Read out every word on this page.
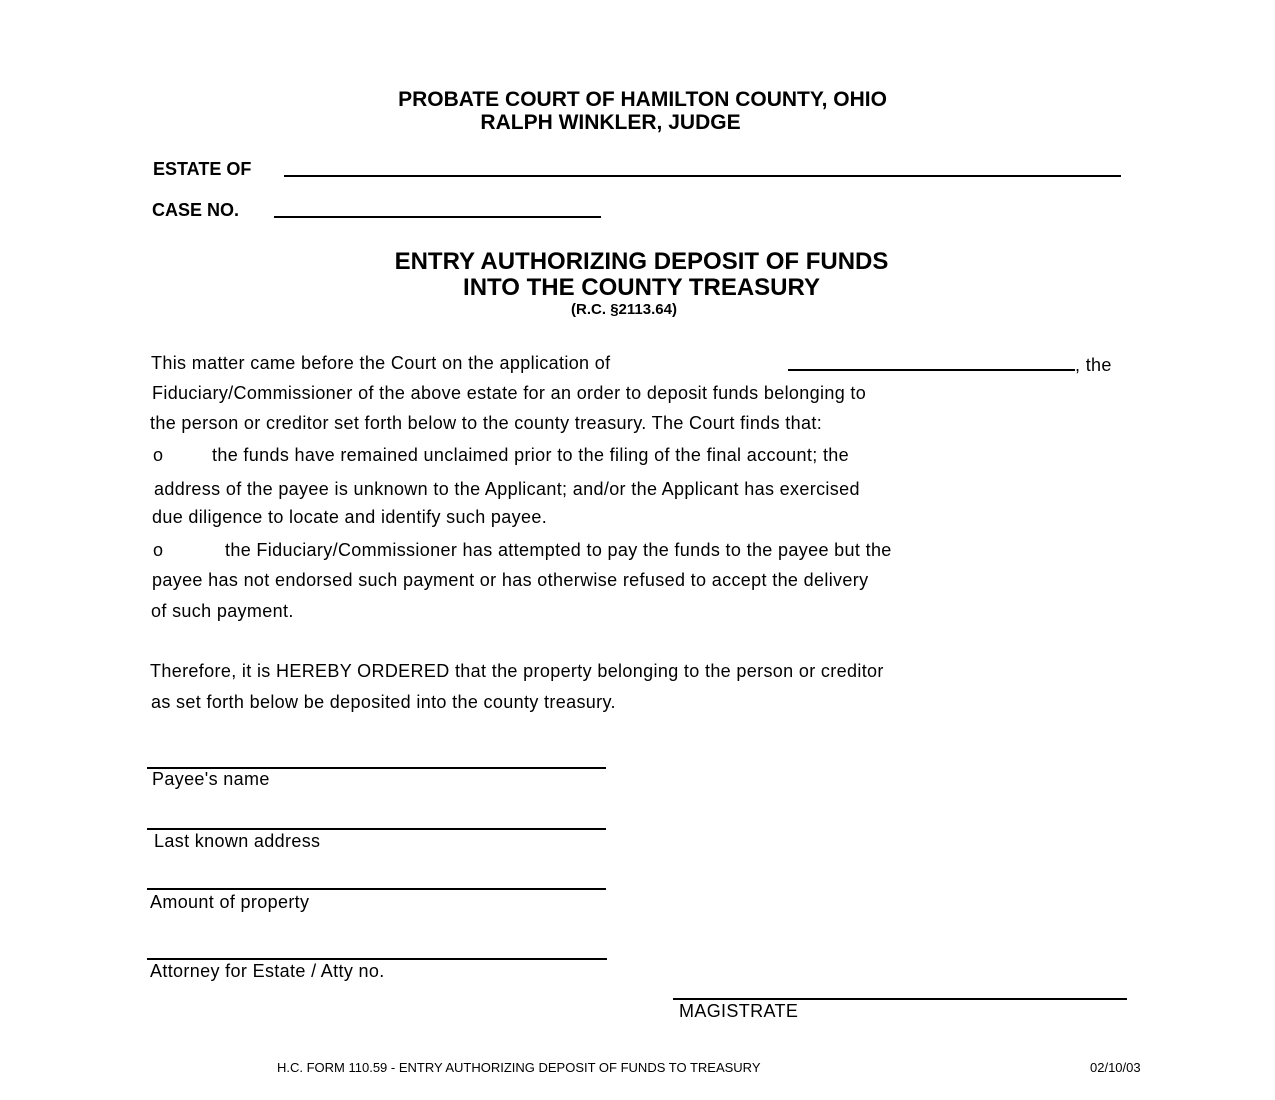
PROBATE COURT OF HAMILTON COUNTY, OHIO
RALPH WINKLER, JUDGE
ESTATE OF
CASE NO.
ENTRY AUTHORIZING DEPOSIT OF FUNDS
INTO THE COUNTY TREASURY
(R.C. §2113.64)
This matter came before the Court on the application of	, the
Fiduciary/Commissioner of the above estate for an order to deposit funds belonging to
the person or creditor set forth below to the county treasury. The Court finds that:
o	the funds have remained unclaimed prior to the filing of the final account; the
address of the payee is unknown to the Applicant; and/or the Applicant has exercised
due diligence to locate and identify such payee.
o	the Fiduciary/Commissioner has attempted to pay the funds to the payee but the
payee has not endorsed such payment or has otherwise refused to accept the delivery
of such payment.
Therefore, it is HEREBY ORDERED that the property belonging to the person or creditor
as set forth below be deposited into the county treasury.
Payee's name
Last known address
Amount of property
Attorney for Estate / Atty no.
MAGISTRATE
H.C. FORM 110.59 - ENTRY AUTHORIZING DEPOSIT OF FUNDS TO TREASURY	02/10/03
